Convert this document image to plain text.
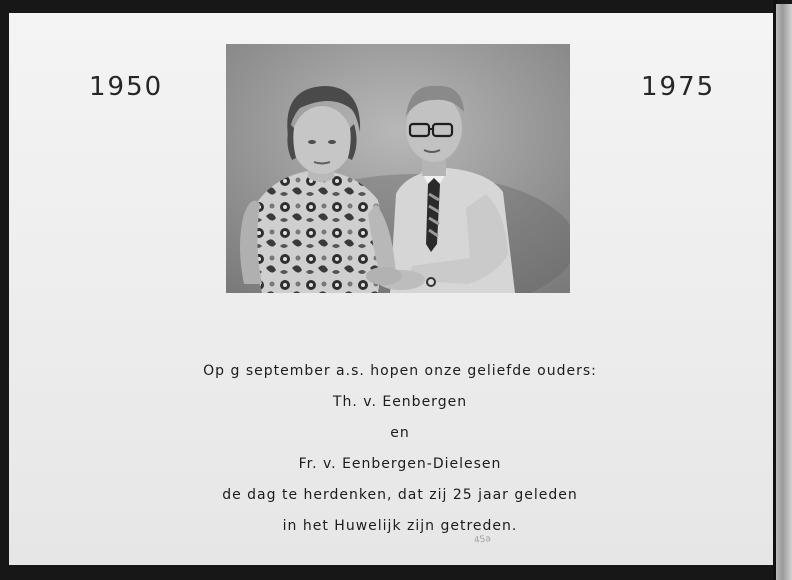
1950	1975
Op g september a.s. hopen onze geliefde ouders:
Th. v. Eenbergen
en
Fr. v. Eenbergen-Dielesen
de dag te herdenken, dat zij 25 jaar geleden
in het Huwelijk zijn getreden.
45a
